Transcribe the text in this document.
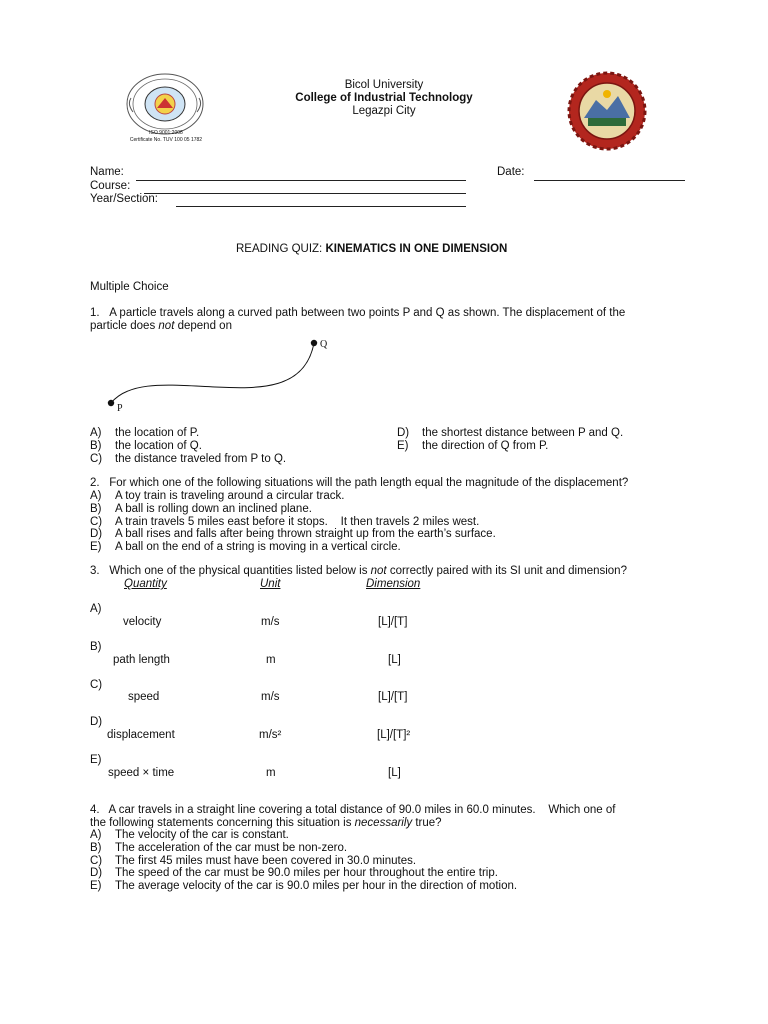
ISO 9001:2008
Certificate No. TUV 100 05 1782
Bicol University
College of Industrial Technology
Legazpi City
Name:	Date:
Course:
Year/Section:
READING QUIZ: KINEMATICS IN ONE DIMENSION
Multiple Choice
1. A particle travels along a curved path between two points P and Q as shown. The displacement of the
particle does not depend on
P
Q
A) the location of P.
B) the location of Q.
C) the distance traveled from P to Q.
D) the shortest distance between P and Q.
E) the direction of Q from P.
2. For which one of the following situations will the path length equal the magnitude of the displacement?
A) A toy train is traveling around a circular track.
B) A ball is rolling down an inclined plane.
C) A train travels 5 miles east before it stops.    It then travels 2 miles west.
D) A ball rises and falls after being thrown straight up from the earth’s surface.
E) A ball on the end of a string is moving in a vertical circle.
3. Which one of the physical quantities listed below is not correctly paired with its SI unit and dimension?
Quantity	Unit	Dimension
A)
velocity	m/s	[L]/[T]
B)
path length	m	[L]
C)
speed	m/s	[L]/[T]
D)
displacement	m/s²	[L]/[T]²
E)
speed × time	m	[L]
4. A car travels in a straight line covering a total distance of 90.0 miles in 60.0 minutes.    Which one of
the following statements concerning this situation is necessarily true?
A) The velocity of the car is constant.
B) The acceleration of the car must be non-zero.
C) The first 45 miles must have been covered in 30.0 minutes.
D) The speed of the car must be 90.0 miles per hour throughout the entire trip.
E) The average velocity of the car is 90.0 miles per hour in the direction of motion.
